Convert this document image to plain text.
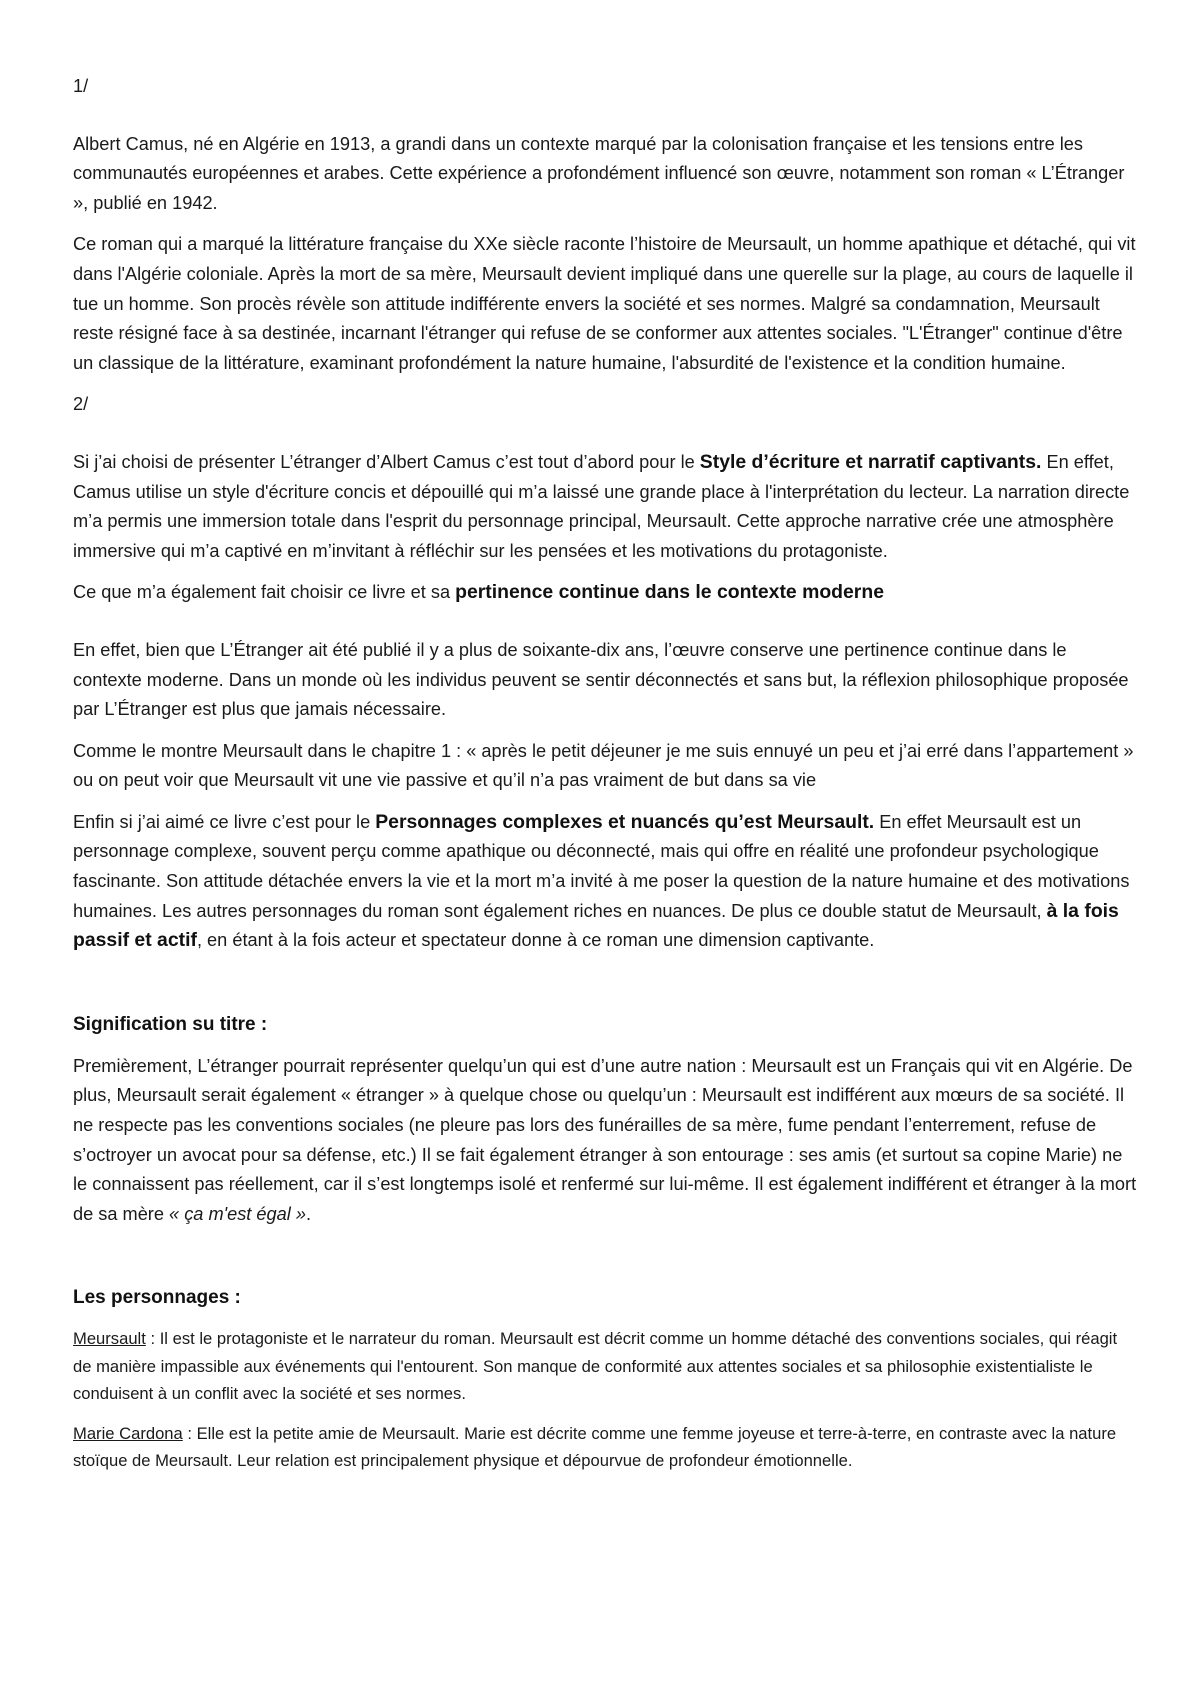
1/

Albert Camus, né en Algérie en 1913, a grandi dans un contexte marqué par la colonisation française et les tensions entre les communautés européennes et arabes. Cette expérience a profondément influencé son œuvre, notamment son roman « L’Étranger », publié en 1942.

Ce roman qui a marqué la littérature française du XXe siècle raconte l’histoire de Meursault, un homme apathique et détaché, qui vit dans l'Algérie coloniale. Après la mort de sa mère, Meursault devient impliqué dans une querelle sur la plage, au cours de laquelle il tue un homme. Son procès révèle son attitude indifférente envers la société et ses normes. Malgré sa condamnation, Meursault reste résigné face à sa destinée, incarnant l'étranger qui refuse de se conformer aux attentes sociales. "L'Étranger" continue d'être un classique de la littérature, examinant profondément la nature humaine, l'absurdité de l'existence et la condition humaine.

2/

Si j’ai choisi de présenter L’étranger d’Albert Camus c’est tout d’abord pour le Style d’écriture et narratif captivants. En effet, Camus utilise un style d'écriture concis et dépouillé qui m’a laissé une grande place à l'interprétation du lecteur. La narration directe m’a permis une immersion totale dans l'esprit du personnage principal, Meursault. Cette approche narrative crée une atmosphère immersive qui m’a captivé en m’invitant à réfléchir sur les pensées et les motivations du protagoniste.

Ce que m’a également fait choisir ce livre et sa pertinence continue dans le contexte moderne

En effet, bien que L’Étranger ait été publié il y a plus de soixante-dix ans, l’œuvre conserve une pertinence continue dans le contexte moderne. Dans un monde où les individus peuvent se sentir déconnectés et sans but, la réflexion philosophique proposée par L’Étranger est plus que jamais nécessaire.

Comme le montre Meursault dans le chapitre 1 : « après le petit déjeuner je me suis ennuyé un peu et j’ai erré dans l’appartement » ou on peut voir que Meursault vit une vie passive et qu’il n’a pas vraiment de but dans sa vie

Enfin si j’ai aimé ce livre c’est pour le Personnages complexes et nuancés qu’est Meursault. En effet Meursault est un personnage complexe, souvent perçu comme apathique ou déconnecté, mais qui offre en réalité une profondeur psychologique fascinante. Son attitude détachée envers la vie et la mort m’a invité à me poser la question de la nature humaine et des motivations humaines. Les autres personnages du roman sont également riches en nuances. De plus ce double statut de Meursault, à la fois passif et actif, en étant à la fois acteur et spectateur donne à ce roman une dimension captivante.

Signification su titre :

Premièrement, L’étranger pourrait représenter quelqu’un qui est d’une autre nation : Meursault est un Français qui vit en Algérie. De plus, Meursault serait également « étranger » à quelque chose ou quelqu’un : Meursault est indifférent aux mœurs de sa société. Il ne respecte pas les conventions sociales (ne pleure pas lors des funérailles de sa mère, fume pendant l’enterrement, refuse de s’octroyer un avocat pour sa défense, etc.) Il se fait également étranger à son entourage : ses amis (et surtout sa copine Marie) ne le connaissent pas réellement, car il s’est longtemps isolé et renfermé sur lui-même. Il est également indifférent et étranger à la mort de sa mère « ça m'est égal ».

Les personnages :

Meursault : Il est le protagoniste et le narrateur du roman. Meursault est décrit comme un homme détaché des conventions sociales, qui réagit de manière impassible aux événements qui l'entourent. Son manque de conformité aux attentes sociales et sa philosophie existentialiste le conduisent à un conflit avec la société et ses normes.

Marie Cardona : Elle est la petite amie de Meursault. Marie est décrite comme une femme joyeuse et terre-à-terre, en contraste avec la nature stoïque de Meursault. Leur relation est principalement physique et dépourvue de profondeur émotionnelle.
